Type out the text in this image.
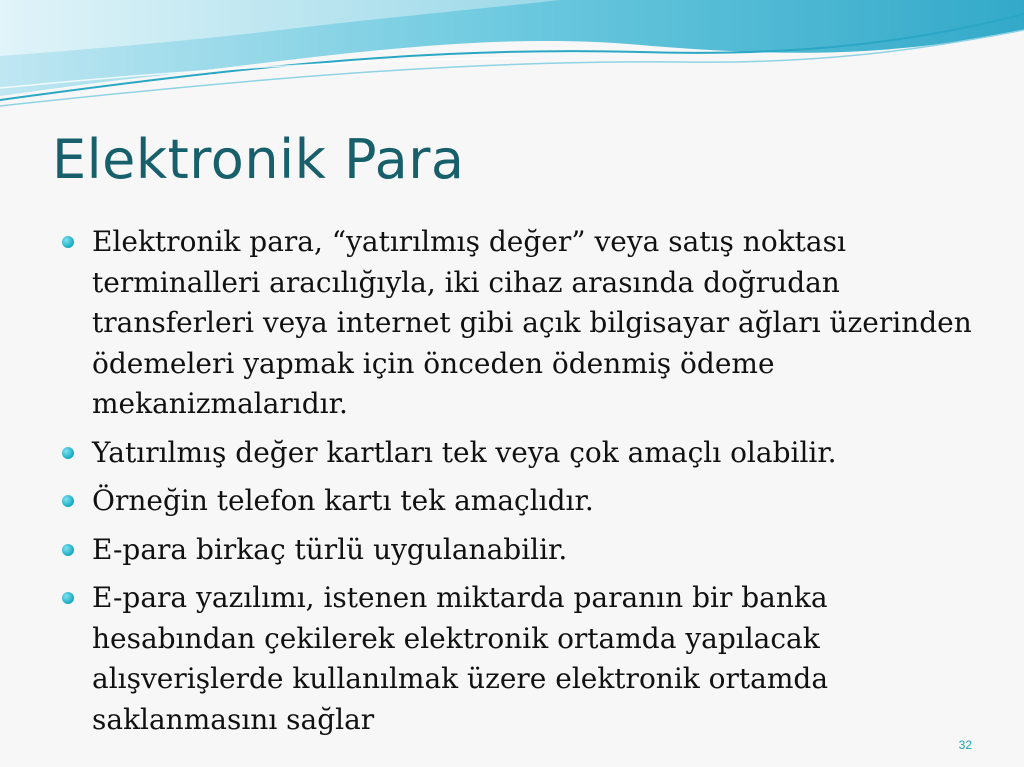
Elektronik Para
Elektronik para, “yatırılmış değer” veya satış noktası terminalleri aracılığıyla, iki cihaz arasında doğrudan transferleri veya internet gibi açık bilgisayar ağları üzerinden ödemeleri yapmak için önceden ödenmiş ödeme mekanizmalarıdır.
Yatırılmış değer kartları tek veya çok amaçlı olabilir.
Örneğin telefon kartı tek amaçlıdır.
E-para birkaç türlü uygulanabilir.
E-para yazılımı, istenen miktarda paranın bir banka hesabından çekilerek elektronik ortamda yapılacak alışverişlerde kullanılmak üzere elektronik ortamda saklanmasını sağlar
32
